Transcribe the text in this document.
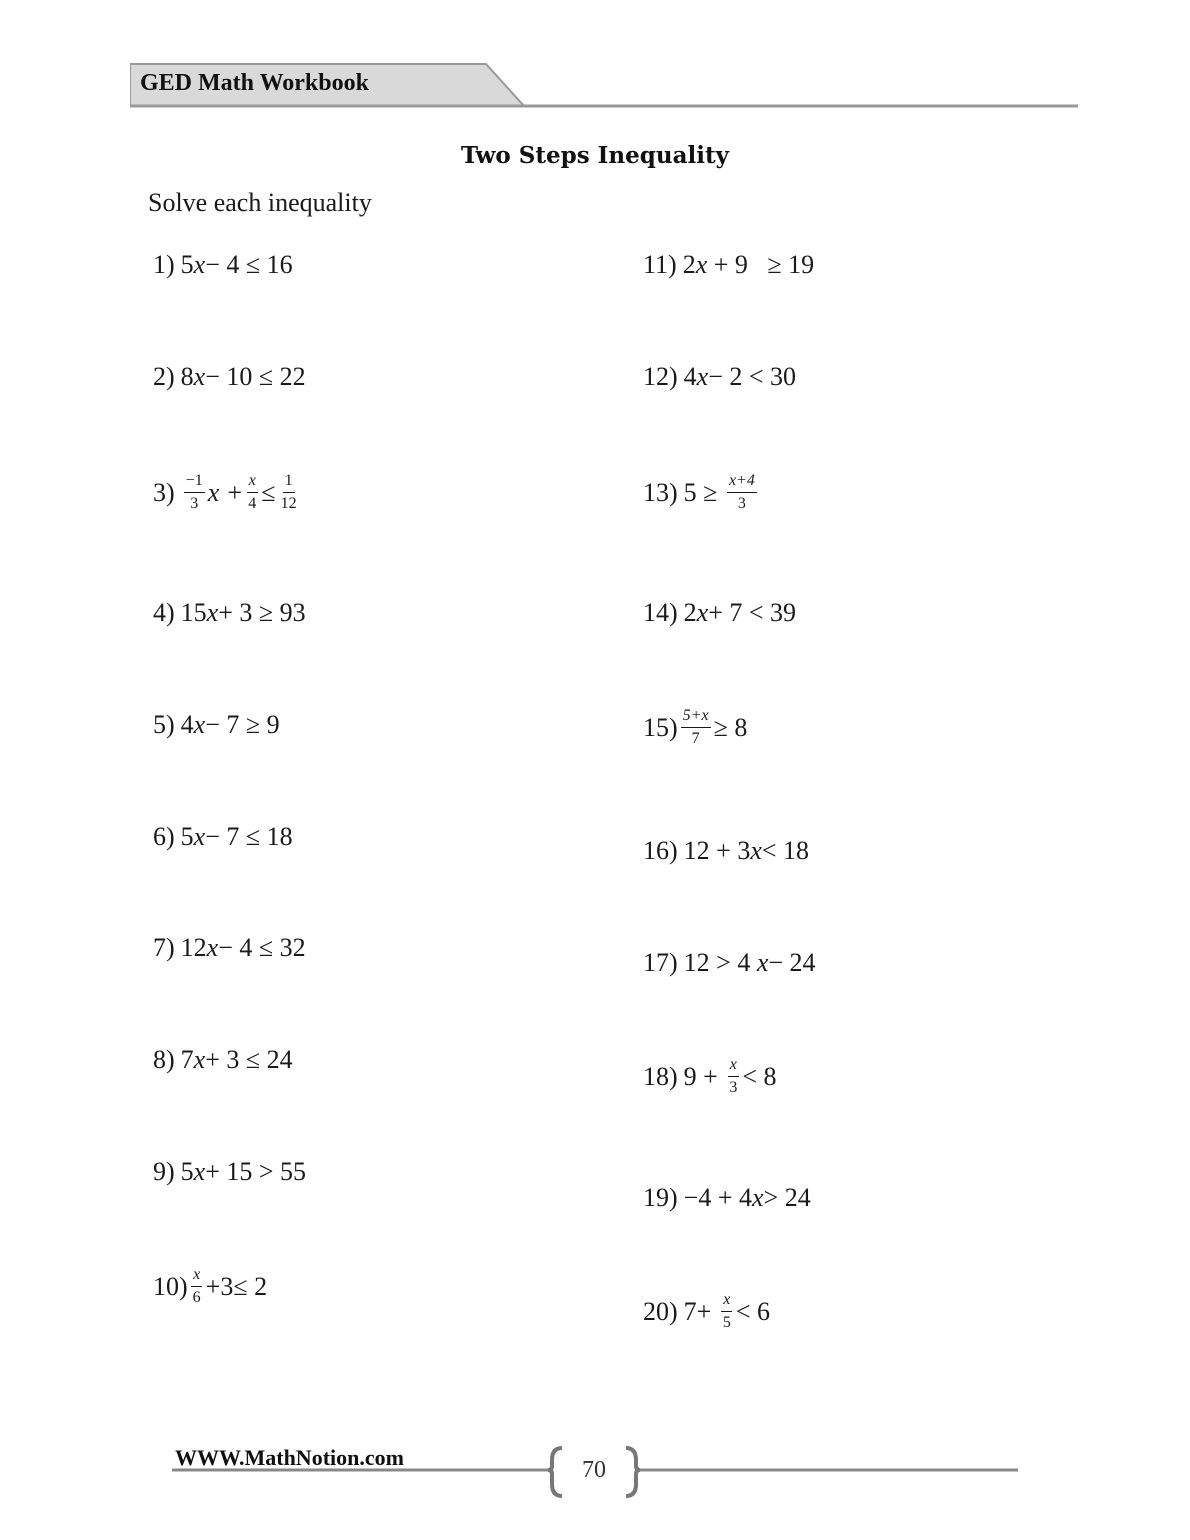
GED Math Workbook
Two Steps Inequality
Solve each inequality
1) 5 x − 4 ≤ 16
2) 8 x − 10 ≤ 22
3) −1
3 $x + \frac{x}{4} \le \frac{1}{12}$
4) 15 x + 3 ≥ 93
5) 4 x − 7 ≥ 9
6) 5 x − 7 ≤ 18
7) 12 x − 4 ≤ 32
8) 7 x + 3 ≤ 24
9) 5 x + 15 > 55
10) x
6 +3≤ 2
11) 2 x + 9   ≥ 19
12) 4 x − 2 < 30
13) $5 \ge \frac{x+4}{3}$
14) 2 x + 7 < 39
$15) \frac{5+x}{7} \ge 8$
16) 12 + 3 x < 18
17) 12 > 4 x − 24
18) $9 + \frac{x}{3} < 8$
19) −4 + 4 x > 24
20) $7+ \frac{x}{5} < 6$
WWW.MathNotion.com	70
